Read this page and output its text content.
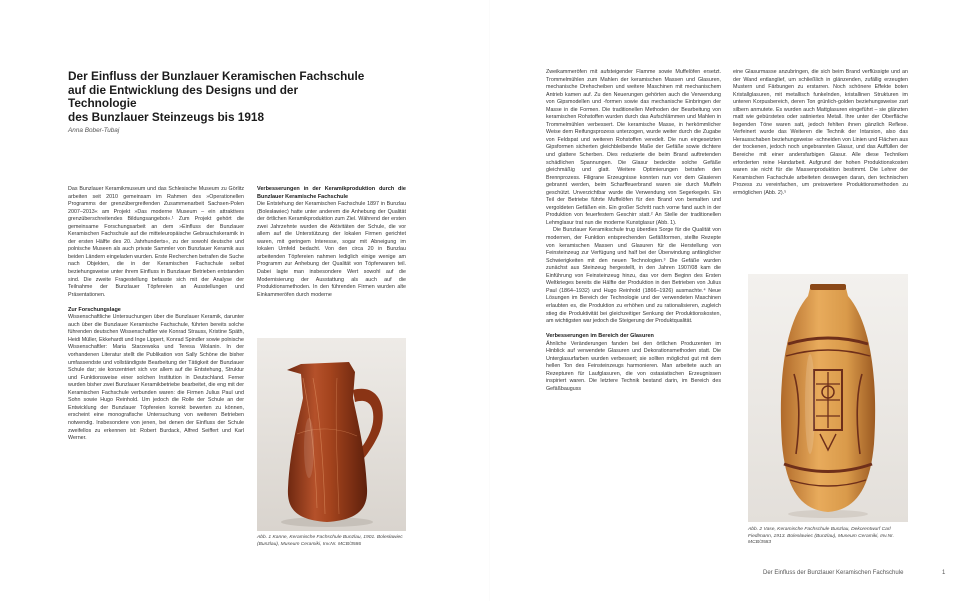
Der Einfluss der Bunzlauer Keramischen Fachschule
auf die Entwicklung des Designs und der Technologie
des Bunzlauer Steinzeugs bis 1918
Anna Bober-Tubaj

Das Bunzlauer Keramikmuseum und das Schlesische Museum zu Görlitz arbeiten seit 2010 gemeinsam im Rahmen des »Operationellen Programms der grenzübergreifenden Zusammenarbeit Sachsen-Polen 2007–2013« am Projekt »Das moderne Museum – ein attraktives grenzüberschreitendes Bildungsangebot«.¹ Zum Projekt gehört die gemeinsame Forschungsarbeit an dem »Einfluss der Bunzlauer Keramischen Fachschule auf die mitteleuropäische Gebrauchskeramik in der ersten Hälfte des 20. Jahrhunderts«, zu der sowohl deutsche und polnische Museen als auch private Sammler von Bunzlauer Keramik aus beiden Ländern eingeladen wurden. Erste Recherchen betrafen die Suche nach Objekten, die in der Keramischen Fachschule selbst beziehungsweise unter ihrem Einfluss in Bunzlauer Betrieben entstanden sind. Die zweite Fragestellung befasste sich mit der Analyse der Teilnahme der Bunzlauer Töpfereien an Ausstellungen und Präsentationen.

Zur Forschungslage

Wissenschaftliche Untersuchungen über die Bunzlauer Keramik, darunter auch über die Bunzlauer Keramische Fachschule, führten bereits solche führenden deutschen Wissenschaftler wie Konrad Strauss, Kristine Späth, Heidi Müller, Ekkehardt und Inge Lippert, Konrad Spindler sowie polnische Wissenschaftler: Maria Starzewska und Teresa Wolanin. In der vorhandenen Literatur stellt die Publikation von Sally Schöne die bisher umfassendste und vollständigste Bearbeitung der Tätigkeit der Bunzlauer Schule dar; sie konzentriert sich vor allem auf die Entstehung, Struktur und Funktionsweise einer solchen Institution in Deutschland. Ferner wurden bisher zwei Bunzlauer Keramikbetriebe bearbeitet, die eng mit der Keramischen Fachschule verbunden waren: die Firmen Julius Paul und Sohn sowie Hugo Reinhold. Um jedoch die Rolle der Schule an der Entwicklung der Bunzlauer Töpfereien korrekt bewerten zu können, erscheint eine monografische Untersuchung von weiteren Betrieben notwendig. Insbesondere von jenen, bei denen der Einfluss der Schule zweifellos zu erkennen ist: Robert Burdack, Alfred Seiffert und Karl Werner.

Verbesserungen in der Keramikproduktion durch die Bunzlauer Keramische Fachschule

Die Entstehung der Keramischen Fachschule 1897 in Bunzlau (Bolesławiec) hatte unter anderem die Anhebung der Qualität der örtlichen Keramikproduktion zum Ziel. Während der ersten zwei Jahrzehnte wurden die Aktivitäten der Schule, die vor allem auf die Unterstützung der lokalen Firmen gerichtet waren, mit geringem Interesse, sogar mit Abneigung im lokalen Umfeld bedacht. Von den circa 20 in Bunzlau arbeitenden Töpfereien nahmen lediglich einige wenige am Programm zur Anhebung der Qualität von Töpferwaren teil. Dabei lagte man insbesondere Wert sowohl auf die Modernisierung der Ausstattung als auch auf die Produktionsmethoden. In den führenden Firmen wurden alte Einkammeröfen durch moderne

Abb. 1 Kanne, Keramische Fachschule Bunzlau, 1901. Bolesławiec (Bunzlau), Museum Ceramiki, Inv.Nr. MCB/3586

Zweikammeröfen mit aufsteigender Flamme sowie Muffelöfen ersetzt. Trommelmühlen zum Mahlen der keramischen Massen und Glasuren, mechanische Drehscheiben und weitere Maschinen mit mechanischem Antrieb kamen auf. Zu den Neuerungen gehörten auch die Verwendung von Gipsmodellen und -formen sowie das mechanische Einbringen der Masse in die Formen. Die traditionellen Methoden der Bearbeitung von keramischen Rohstoffen wurden durch das Aufschlämmen und Mahlen in Trommelmühlen verbessert. Die keramische Masse, in herkömmlicher Weise dem Reifungsprozess unterzogen, wurde weiter durch die Zugabe von Feldspat und weiteren Rohstoffen veredelt. Die nun eingesetzten Gipsformen sicherten gleichbleibende Maße der Gefäße sowie dichtere und glattere Scherben. Dies reduzierte die beim Brand auftretenden schädlichen Spannungen. Die Glasur bedeckte solche Gefäße gleichmäßig und glatt. Weitere Optimierungen betrafen den Brennprozess. Filigrane Erzeugnisse konnten nun vor dem Glasieren gebrannt werden, beim Scharffeuerbrand waren sie durch Muffeln geschützt. Unverzichtbar wurde die Verwendung von Segerkegeln. Ein Teil der Betriebe führte Muffelöfen für den Brand von bemalten und vergoldeten Gefäßen ein. Ein großer Schritt nach vorne fand auch in der Produktion von feuerfestem Geschirr statt.² An Stelle der traditionellen Lehmglasur trat nun die moderne Kunstglasur (Abb. 1).

Die Bunzlauer Keramikschule trug überdies Sorge für die Qualität von modernen, der Funktion entsprechenden Gefäßformen, stellte Rezepte von keramischen Massen und Glasuren für die Herstellung von Feinsteinzeug zur Verfügung und half bei der Überwindung anfänglicher Schwierigkeiten mit den neuen Technologien.³ Die Gefäße wurden zunächst aus Steinzeug hergestellt, in den Jahren 1907/08 kam die Einführung von Feinsteinzeug hinzu, das vor dem Beginn des Ersten Weltkrieges bereits die Hälfte der Produktion in den Betrieben von Julius Paul (1864–1932) und Hugo Reinhold (1866–1926) ausmachte.⁴ Neue Lösungen im Bereich der Technologie und der verwendeten Maschinen erlaubten es, die Produktion zu erhöhen und zu rationalisieren, zugleich stieg die Produktivität bei gleichzeitiger Senkung der Produktionskosten, am wichtigsten war jedoch die Steigerung der Produktqualität.

Verbesserungen im Bereich der Glasuren

Ähnliche Veränderungen fanden bei den örtlichen Produzenten im Hinblick auf verwendete Glasuren und Dekorationsmethoden statt. Die Unterglasurfarben wurden verbessert; sie sollten möglichst gut mit dem hellen Ton des Feinsteinzeugs harmonieren. Man arbeitete auch an Rezepturen für Laufglasuren, die von ostasiatischen Erzeugnissen inspiriert waren. Die letztere Technik bestand darin, im Bereich des Gefäßbauguss

eine Glasurmasse anzubringen, die sich beim Brand verflüssigte und an der Wand entlanglief, um schließlich in glänzenden, zufällig erzeugten Mustern und Färbungen zu erstarren. Noch schönere Effekte boten Kristallglasuren, mit metallisch funkelnden, kristallinen Strukturen im unteren Korpusbereich, deren Ton grünlich-golden beziehungsweise zart silbern anmutete. Es wurden auch Mattglasuren eingeführt – sie glänzten matt wie gebürstetes oder satiniertes Metall. Ihre unter der Oberfläche liegenden Töne waren satt, jedoch fehlten ihnen gänzlich Reflexe. Verfeinert wurde das Weiteren die Technik der Intarsion, also das Herausschaben beziehungsweise -schneiden von Linien und Flächen aus der trockenen, jedoch noch ungebrannten Glasur, und das Auffüllen der Bereiche mit einer andersfarbigen Glasur. Alle diese Techniken erforderten reine Handarbeit. Aufgrund der hohen Produktionskosten waren sie nicht für die Massenproduktion bestimmt. Die Lehrer der Keramischen Fachschule arbeiteten deswegen daran, den technischen Prozess zu vereinfachen, um preiswertere Produktionsmethoden zu ermöglichen (Abb. 2).⁵

Abb. 2 Vase, Keramische Fachschule Bunzlau, Dekorentwurf Carl Fiedlmann, 1913. Bolesławiec (Bunzlau), Museum Ceramiki, Inv.Nr. MCB/3583
Der Einfluss der Bunzlauer Keramischen Fachschule	1
